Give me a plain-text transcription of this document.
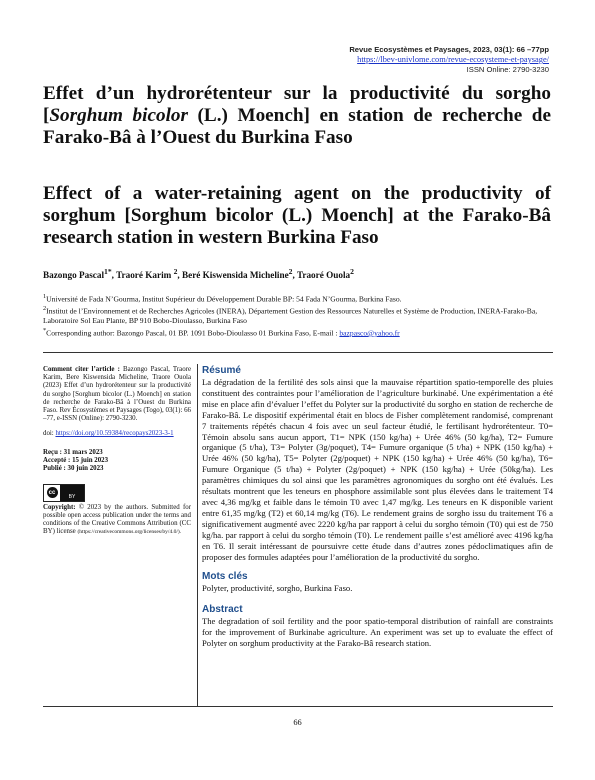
Revue Ecosystèmes et Paysages, 2023, 03(1): 66 –77pp
https://lbev-univlome.com/revue-ecosysteme-et-paysage/
ISSN Online: 2790-3230
Effet d’un hydrorétenteur sur la productivité du sorgho [Sorghum bicolor (L.) Moench] en station de recherche de Farako-Bâ à l’Ouest du Burkina Faso
Effect of a water-retaining agent on the productivity of sorghum [Sorghum bicolor (L.) Moench] at the Farako-Bâ research station in western Burkina Faso
Bazongo Pascal$^{1*}$, Traoré Karim $^2$, Beré Kiswensida Micheline$^2$, Traoré Ouola$^2$
$^1$Université de Fada N’Gourma, Institut Supérieur du Développement Durable BP: 54 Fada N’Gourma, Burkina Faso.
$^2$Institut de l’Environnement et de Recherches Agricoles (INERA), Département Gestion des Ressources Naturelles et Système de Production, INERA-Farako-Ba, Laboratoire Sol Eau Plante, BP 910 Bobo-Dioulasso, Burkina Faso
*Corresponding author: Bazongo Pascal, 01 BP. 1091 Bobo-Dioulasso 01 Burkina Faso, E-mail : bazpasco@yahoo.fr
Comment citer l’article : Bazongo Pascal, Traore Karim, Bere Kiswensida Micheline, Traore Ouola (2023) Effet d’un hydrorétenteur sur la productivité du sorgho [Sorghum bicolor (L.) Moench] en station de recherche de Farako-Bâ à l’Ouest du Burkina Faso. Rev Écosystèmes et Paysages (Togo), 03(1): 66 –77, e-ISSN (Online): 2790-3230.
doi: https://doi.org/10.59384/recopays2023-3-1
Reçu : 31 mars 2023
Accepté : 15 juin 2023
Publié : 30 juin 2023
cc
BY
Copyright: © 2023 by the authors. Submitted for possible open access publication under the terms and conditions of the Creative Commons Attribution (CC BY) license (https://creativecommons.org/licenses/by/4.0/).
Résumé

La dégradation de la fertilité des sols ainsi que la mauvaise répartition spatio-temporelle des pluies constituent des contraintes pour l’amélioration de l’agriculture burkinabé. Une expérimentation a été mise en place afin d’évaluer l’effet du Polyter sur la productivité du sorgho en station de recherche de Farako-Bâ. Le dispositif expérimental était en blocs de Fisher complètement randomisé, comprenant 7 traitements répétés chacun 4 fois avec un seul facteur étudié, le fertilisant hydrorétenteur. T0= Témoin absolu sans aucun apport, T1= NPK (150 kg/ha) + Urée 46% (50 kg/ha), T2= Fumure organique (5 t/ha), T3= Polyter (3g/poquet), T4= Fumure organique (5 t/ha) + NPK (150 kg/ha) + Urée 46% (50 kg/ha), T5= Polyter (2g/poquet) + NPK (150 kg/ha) + Urée 46% (50 kg/ha), T6= Fumure Organique (5 t/ha) + Polyter (2g/poquet) + NPK (150 kg/ha) + Urée (50kg/ha). Les paramètres chimiques du sol ainsi que les paramètres agronomiques du sorgho ont été évalués. Les résultats montrent que les teneurs en phosphore assimilable sont plus élevées dans le traitement T4 avec 4,36 mg/kg et faible dans le témoin T0 avec 1,47 mg/kg. Les teneurs en K disponible varient entre 61,35 mg/kg (T2) et 60,14 mg/kg (T6). Le rendement grains de sorgho issu du traitement T6 a significativement augmenté avec 2220 kg/ha par rapport à celui du sorgho témoin (T0) qui est de 750 kg/ha. par rapport à celui du sorgho témoin (T0). Le rendement paille s’est amélioré avec 4196 kg/ha en T6. Il serait intéressant de poursuivre cette étude dans d’autres zones pédoclimatiques afin de proposer des formules adaptées pour l’amélioration de la productivité du sorgho.

Mots clés

Polyter, productivité, sorgho, Burkina Faso.

Abstract

The degradation of soil fertility and the poor spatio-temporal distribution of rainfall are constraints for the improvement of Burkinabe agriculture. An experiment was set up to evaluate the effect of Polyter on sorghum productivity at the Farako-Bâ research station.

66
